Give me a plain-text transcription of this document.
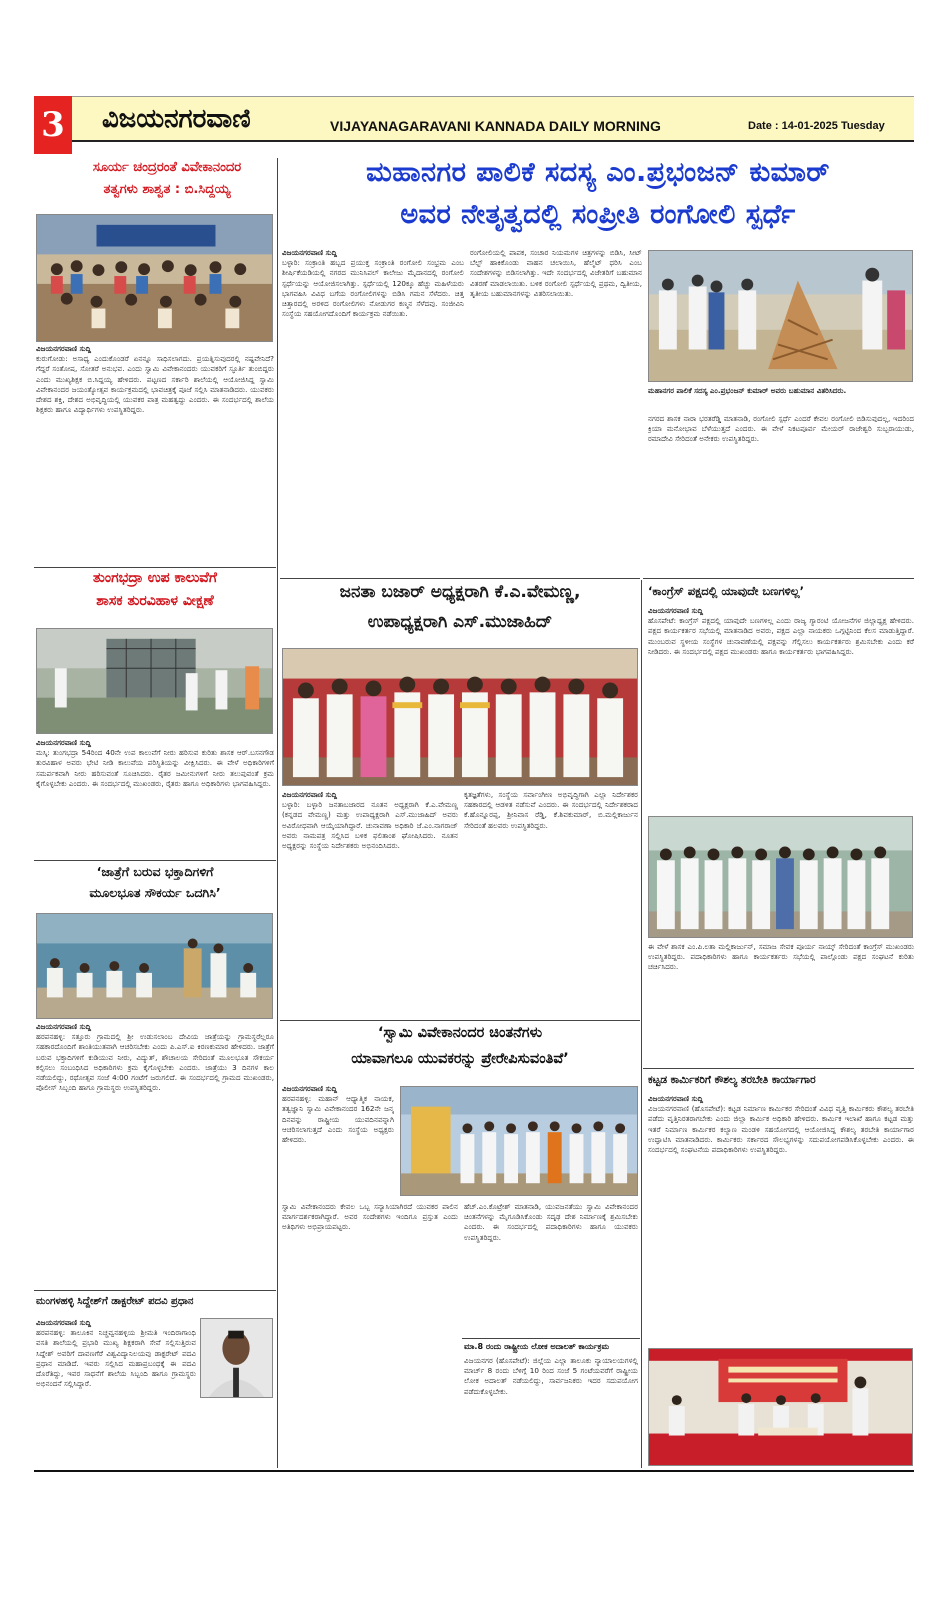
3 ವಿಜಯನಗರವಾಣಿ	VIJAYANAGARAVANI KANNADA DAILY MORNING	Date : 14-01-2025 Tuesday
ಸೂರ್ಯ ಚಂದ್ರರಂತೆ ವಿವೇಕಾನಂದರ
ತತ್ವಗಳು ಶಾಶ್ವತ : ಬಿ.ಸಿದ್ದಯ್ಯ
ವಿಜಯನಗರವಾಣಿ ಸುದ್ದಿ
ಕುರುಗೋಡು: ಅಸಾಧ್ಯ ಎಂದುಕೊಂಡರೆ ಏನನ್ನೂ ಸಾಧಿಸಲಾಗದು. ಪ್ರಯತ್ನಿಸುವುದರಲ್ಲಿ ನಷ್ಟವೇನಿದೆ? ಗೆದ್ದರೆ ಸಂತೋಷ, ಸೋತರೆ ಅನುಭವ. ಎಂದು ಸ್ವಾಮಿ ವಿವೇಕಾನಂದರು ಯುವಕರಿಗೆ ಸ್ಫೂರ್ತಿ ತುಂಬಿದ್ದರು ಎಂದು ಮುಖ್ಯಶಿಕ್ಷಕ ಬಿ.ಸಿದ್ದಯ್ಯ ಹೇಳಿದರು. ಪಟ್ಟಣದ ಸರ್ಕಾರಿ ಶಾಲೆಯಲ್ಲಿ ಆಯೋಜಿಸಿದ್ದ ಸ್ವಾಮಿ ವಿವೇಕಾನಂದರ ಜಯಂತ್ಯೋತ್ಸವ ಕಾರ್ಯಕ್ರಮದಲ್ಲಿ ಭಾವಚಿತ್ರಕ್ಕೆ ಪೂಜೆ ಸಲ್ಲಿಸಿ ಮಾತನಾಡಿದರು. ಯುವಕರು ದೇಶದ ಶಕ್ತಿ, ದೇಶದ ಅಭಿವೃದ್ಧಿಯಲ್ಲಿ ಯುವಕರ ಪಾತ್ರ ಮಹತ್ವದ್ದು ಎಂದರು. ಈ ಸಂದರ್ಭದಲ್ಲಿ ಶಾಲೆಯ ಶಿಕ್ಷಕರು ಹಾಗೂ ವಿದ್ಯಾರ್ಥಿಗಳು ಉಪಸ್ಥಿತರಿದ್ದರು.
ತುಂಗಭದ್ರಾ ಉಪ ಕಾಲುವೆಗೆ
ಶಾಸಕ ತುರವಿಹಾಳ ವೀಕ್ಷಣೆ
ವಿಜಯನಗರವಾಣಿ ಸುದ್ದಿ
ಮಸ್ಕಿ: ತುಂಗಭದ್ರಾ 54ರಿಂದ 40ನೇ ಉಪ ಕಾಲುವೆಗೆ ನೀರು ಹರಿಸುವ ಕುರಿತು ಶಾಸಕ ಆರ್.ಬಸನಗೌಡ ತುರವಿಹಾಳ ಅವರು ಭೇಟಿ ನೀಡಿ ಕಾಲುವೆಯ ಪರಿಸ್ಥಿತಿಯನ್ನು ವೀಕ್ಷಿಸಿದರು. ಈ ವೇಳೆ ಅಧಿಕಾರಿಗಳಿಗೆ ಸಮರ್ಪಕವಾಗಿ ನೀರು ಹರಿಸುವಂತೆ ಸೂಚಿಸಿದರು. ರೈತರ ಜಮೀನುಗಳಿಗೆ ನೀರು ತಲುಪುವಂತೆ ಕ್ರಮ ಕೈಗೊಳ್ಳಬೇಕು ಎಂದರು. ಈ ಸಂದರ್ಭದಲ್ಲಿ ಮುಖಂಡರು, ರೈತರು ಹಾಗೂ ಅಧಿಕಾರಿಗಳು ಭಾಗವಹಿಸಿದ್ದರು.
‘ಜಾತ್ರೆಗೆ ಬರುವ ಭಕ್ತಾದಿಗಳಿಗೆ
ಮೂಲಭೂತ ಸೌಕರ್ಯ ಒದಗಿಸಿ’
ವಿಜಯನಗರವಾಣಿ ಸುದ್ದಿ
ಹರಪನಹಳ್ಳಿ: ಸತ್ತೂರು ಗ್ರಾಮದಲ್ಲಿ ಶ್ರೀ ಉಡುಸಲಾಂಬ ದೇವಿಯ ಜಾತ್ರೆಯನ್ನು ಗ್ರಾಮಸ್ಥರೆಲ್ಲರೂ ಸಹಕಾರದೊಂದಿಗೆ ಶಾಂತಿಯುತವಾಗಿ ಆಚರಿಸಬೇಕು ಎಂದು ಪಿ.ಎಸ್.ಐ ಕಿರಣಕುಮಾರ ಹೇಳಿದರು. ಜಾತ್ರೆಗೆ ಬರುವ ಭಕ್ತಾದಿಗಳಿಗೆ ಕುಡಿಯುವ ನೀರು, ವಿದ್ಯುತ್, ಶೌಚಾಲಯ ಸೇರಿದಂತೆ ಮೂಲಭೂತ ಸೌಕರ್ಯ ಕಲ್ಪಿಸಲು ಸಂಬಂಧಿಸಿದ ಅಧಿಕಾರಿಗಳು ಕ್ರಮ ಕೈಗೊಳ್ಳಬೇಕು ಎಂದರು. ಜಾತ್ರೆಯು 3 ದಿನಗಳ ಕಾಲ ನಡೆಯಲಿದ್ದು, ರಥೋತ್ಸವ ಸಂಜೆ 4:00 ಗಂಟೆಗೆ ಜರುಗಲಿದೆ. ಈ ಸಂದರ್ಭದಲ್ಲಿ ಗ್ರಾಮದ ಮುಖಂಡರು, ಪೊಲೀಸ್ ಸಿಬ್ಬಂದಿ ಹಾಗೂ ಗ್ರಾಮಸ್ಥರು ಉಪಸ್ಥಿತರಿದ್ದರು.
ಮಂಗಳಹಳ್ಳಿ ಸಿದ್ದೇಶ್‌ಗೆ ಡಾಕ್ಟರೇಟ್ ಪದವಿ ಪ್ರಧಾನ
ವಿಜಯನಗರವಾಣಿ ಸುದ್ದಿ
ಹರಪನಹಳ್ಳಿ: ತಾಲೂಕಿನ ನಿಚ್ಚವ್ವನಹಳ್ಳಿಯ ಶ್ರೀಮತಿ ಇಂದಿರಾಗಾಂಧಿ ವಸತಿ ಶಾಲೆಯಲ್ಲಿ ಪ್ರಭಾರಿ ಮುಖ್ಯ ಶಿಕ್ಷಕರಾಗಿ ಸೇವೆ ಸಲ್ಲಿಸುತ್ತಿರುವ ಸಿದ್ದೇಶ್ ಅವರಿಗೆ ದಾವಣಗೆರೆ ವಿಶ್ವವಿದ್ಯಾನಿಲಯವು ಡಾಕ್ಟರೇಟ್ ಪದವಿ ಪ್ರಧಾನ ಮಾಡಿದೆ. ಇವರು ಸಲ್ಲಿಸಿದ ಮಹಾಪ್ರಬಂಧಕ್ಕೆ ಈ ಪದವಿ ದೊರೆತಿದ್ದು, ಇವರ ಸಾಧನೆಗೆ ಶಾಲೆಯ ಸಿಬ್ಬಂದಿ ಹಾಗೂ ಗ್ರಾಮಸ್ಥರು ಅಭಿನಂದನೆ ಸಲ್ಲಿಸಿದ್ದಾರೆ.
ಮಹಾನಗರ ಪಾಲಿಕೆ ಸದಸ್ಯ ಎಂ.ಪ್ರಭಂಜನ್ ಕುಮಾರ್
ಅವರ ನೇತೃತ್ವದಲ್ಲಿ ಸಂಪ್ರೀತಿ ರಂಗೋಲಿ ಸ್ಪರ್ಧೆ
ವಿಜಯನಗರವಾಣಿ ಸುದ್ದಿ
ಬಳ್ಳಾರಿ: ಸಂಕ್ರಾಂತಿ ಹಬ್ಬದ ಪ್ರಯುಕ್ತ ಸಂಕ್ರಾಂತಿ ರಂಗೋಲಿ ಸಂಭ್ರಮ ಎಂಬ ಶೀರ್ಷಿಕೆಯಡಿಯಲ್ಲಿ ನಗರದ ಮುನಿಸಿಪಲ್ ಕಾಲೇಜು ಮೈದಾನದಲ್ಲಿ ರಂಗೋಲಿ ಸ್ಪರ್ಧೆಯನ್ನು ಆಯೋಜಿಸಲಾಗಿತ್ತು. ಸ್ಪರ್ಧೆಯಲ್ಲಿ 120ಕ್ಕೂ ಹೆಚ್ಚು ಮಹಿಳೆಯರು ಭಾಗವಹಿಸಿ ವಿವಿಧ ಬಗೆಯ ರಂಗೋಲಿಗಳನ್ನು ಬಿಡಿಸಿ ಗಮನ ಸೆಳೆದರು. ಚಿತ್ತ ಚಿತ್ತಾರದಲ್ಲಿ ಅರಳಿದ ರಂಗೋಲಿಗಳು ನೋಡುಗರ ಕಣ್ಮನ ಸೆಳೆದವು. ಸಂಜೀವಿನಿ ಸಂಸ್ಥೆಯ ಸಹಯೋಗದೊಂದಿಗೆ ಕಾರ್ಯಕ್ರಮ ನಡೆಯಿತು.
ರಂಗೋಲಿಯಲ್ಲಿ ಪಾಪಕ, ಸಂಚಾರ ನಿಯಮಗಳ ಚಿತ್ರಗಳನ್ನು ಬಿಡಿಸಿ, ಸೀಟ್ ಬೆಲ್ಟ್ ಹಾಕಿಕೊಂಡು ವಾಹನ ಚಲಾಯಿಸಿ, ಹೆಲ್ಮೆಟ್ ಧರಿಸಿ ಎಂಬ ಸಂದೇಶಗಳನ್ನು ಬಿಡಿಸಲಾಗಿತ್ತು. ಇದೇ ಸಂದರ್ಭದಲ್ಲಿ ವಿಜೇತರಿಗೆ ಬಹುಮಾನ ವಿತರಣೆ ಮಾಡಲಾಯಿತು. ಬಳಿಕ ರಂಗೋಲಿ ಸ್ಪರ್ಧೆಯಲ್ಲಿ ಪ್ರಥಮ, ದ್ವಿತೀಯ, ತೃತೀಯ ಬಹುಮಾನಗಳನ್ನು ವಿತರಿಸಲಾಯಿತು.
ಮಹಾನಗರ ಪಾಲಿಕೆ ಸದಸ್ಯ ಎಂ.ಪ್ರಭಂಜನ್ ಕುಮಾರ್ ಅವರು ಬಹುಮಾನ ವಿತರಿಸಿದರು.
ನಗರದ ಶಾಸಕ ನಾರಾ ಭರತರೆಡ್ಡಿ ಮಾತನಾಡಿ, ರಂಗೋಲಿ ಸ್ಪರ್ಧೆ ಎಂದರೆ ಕೇವಲ ರಂಗೋಲಿ ಬಿಡಿಸುವುದಲ್ಲ, ಇದರಿಂದ ಕ್ರಿಯಾ ಮನೋಭಾವ ಬೆಳೆಯುತ್ತದೆ ಎಂದರು. ಈ ವೇಳೆ ನಿಕಟಪೂರ್ವ ಮೇಯರ್ ರಾಜೇಶ್ವರಿ ಸುಬ್ಬರಾಯುಡು, ರಮಾದೇವಿ ಸೇರಿದಂತೆ ಅನೇಕರು ಉಪಸ್ಥಿತರಿದ್ದರು.
ಜನತಾ ಬಜಾರ್ ಅಧ್ಯಕ್ಷರಾಗಿ ಕೆ.ಎ.ವೇಮಣ್ಣ,
ಉಪಾಧ್ಯಕ್ಷರಾಗಿ ಎಸ್.ಮುಜಾಹಿದ್
ವಿಜಯನಗರವಾಣಿ ಸುದ್ದಿ
ಬಳ್ಳಾರಿ: ಬಳ್ಳಾರಿ ಜನತಾಬಜಾರದ ನೂತನ ಅಧ್ಯಕ್ಷರಾಗಿ ಕೆ.ಎ.ವೇಮಣ್ಣ (ಕನ್ನಡದ ವೇಮಣ್ಣ) ಮತ್ತು ಉಪಾಧ್ಯಕ್ಷರಾಗಿ ಎಸ್.ಮುಜಾಹಿದ್ ಅವರು ಅವಿರೋಧವಾಗಿ ಆಯ್ಕೆಯಾಗಿದ್ದಾರೆ. ಚುನಾವಣಾ ಅಧಿಕಾರಿ ಜೆ.ಎಂ.ನಾಗರಾಜ್ ಅವರು ನಾಮಪತ್ರ ಸಲ್ಲಿಸಿದ ಬಳಿಕ ಫಲಿತಾಂಶ ಘೋಷಿಸಿದರು. ನೂತನ ಅಧ್ಯಕ್ಷರನ್ನು ಸಂಸ್ಥೆಯ ನಿರ್ದೇಶಕರು ಅಭಿನಂದಿಸಿದರು.
ಕೃತಜ್ಞತೆಗಳು, ಸಂಸ್ಥೆಯ ಸರ್ವಾಂಗೀಣ ಅಭಿವೃದ್ಧಿಗಾಗಿ ಎಲ್ಲಾ ನಿರ್ದೇಶಕರ ಸಹಕಾರದಲ್ಲಿ ಆಡಳಿತ ನಡೆಸುವೆ ಎಂದರು. ಈ ಸಂದರ್ಭದಲ್ಲಿ ನಿರ್ದೇಶಕರಾದ ಕೆ.ಹೊನ್ನೂರಪ್ಪ, ಶ್ರೀನಿವಾಸ ರೆಡ್ಡಿ, ಕೆ.ಶಿವಕುಮಾರ್, ಬಿ.ಮಲ್ಲಿಕಾರ್ಜುನ ಸೇರಿದಂತೆ ಹಲವರು ಉಪಸ್ಥಿತರಿದ್ದರು.
‘ಸ್ವಾಮಿ ವಿವೇಕಾನಂದರ ಚಿಂತನೆಗಳು
ಯಾವಾಗಲೂ ಯುವಕರನ್ನು ಪ್ರೇರೇಪಿಸುವಂತಿವೆ’
ವಿಜಯನಗರವಾಣಿ ಸುದ್ದಿ
ಹರಪನಹಳ್ಳಿ: ಮಹಾನ್ ಆಧ್ಯಾತ್ಮಿಕ ನಾಯಕ, ತತ್ವಜ್ಞಾನಿ ಸ್ವಾಮಿ ವಿವೇಕಾನಂದರ 162ನೇ ಜನ್ಮ ದಿನವನ್ನು ರಾಷ್ಟ್ರೀಯ ಯುವದಿನವನ್ನಾಗಿ ಆಚರಿಸಲಾಗುತ್ತದೆ ಎಂದು ಸಂಸ್ಥೆಯ ಅಧ್ಯಕ್ಷರು ಹೇಳಿದರು.
ಸ್ವಾಮಿ ವಿವೇಕಾನಂದರು ಕೇವಲ ಒಬ್ಬ ಸನ್ಯಾಸಿಯಾಗಿರದೆ ಯುವಕರ ಪಾಲಿನ ಮಾರ್ಗದರ್ಶಕರಾಗಿದ್ದಾರೆ. ಅವರ ಸಂದೇಶಗಳು ಇಂದಿಗೂ ಪ್ರಸ್ತುತ ಎಂದು ಅತಿಥಿಗಳು ಅಭಿಪ್ರಾಯಪಟ್ಟರು.
ಹೆಚ್.ಎಂ.ಕೊಟ್ರೇಶ್ ಮಾತನಾಡಿ, ಯುವಜನತೆಯು ಸ್ವಾಮಿ ವಿವೇಕಾನಂದರ ಚಿಂತನೆಗಳನ್ನು ಮೈಗೂಡಿಸಿಕೊಂಡು ಸದೃಢ ದೇಶ ನಿರ್ಮಾಣಕ್ಕೆ ಶ್ರಮಿಸಬೇಕು ಎಂದರು. ಈ ಸಂದರ್ಭದಲ್ಲಿ ಪದಾಧಿಕಾರಿಗಳು ಹಾಗೂ ಯುವಕರು ಉಪಸ್ಥಿತರಿದ್ದರು.
ಮಾ.8 ರಂದು ರಾಷ್ಟ್ರೀಯ ಲೋಕ ಅದಾಲತ್ ಕಾರ್ಯಕ್ರಮ
ವಿಜಯನಗರ (ಹೊಸಪೇಟೆ): ಜಿಲ್ಲೆಯ ಎಲ್ಲಾ ತಾಲೂಕು ನ್ಯಾಯಾಲಯಗಳಲ್ಲಿ ಮಾರ್ಚ್ 8 ರಂದು ಬೆಳಿಗ್ಗೆ 10 ರಿಂದ ಸಂಜೆ 5 ಗಂಟೆಯವರೆಗೆ ರಾಷ್ಟ್ರೀಯ ಲೋಕ ಅದಾಲತ್ ನಡೆಯಲಿದ್ದು, ಸಾರ್ವಜನಿಕರು ಇದರ ಸದುಪಯೋಗ ಪಡೆದುಕೊಳ್ಳಬೇಕು.
‘ಕಾಂಗ್ರೆಸ್ ಪಕ್ಷದಲ್ಲಿ ಯಾವುದೇ ಬಣಗಳಿಲ್ಲ’
ವಿಜಯನಗರವಾಣಿ ಸುದ್ದಿ
ಹೊಸಪೇಟೆ: ಕಾಂಗ್ರೆಸ್ ಪಕ್ಷದಲ್ಲಿ ಯಾವುದೇ ಬಣಗಳಿಲ್ಲ ಎಂದು ರಾಜ್ಯ ಗ್ಯಾರಂಟಿ ಯೋಜನೆಗಳ ಜಿಲ್ಲಾಧ್ಯಕ್ಷ ಹೇಳಿದರು. ಪಕ್ಷದ ಕಾರ್ಯಕರ್ತರ ಸಭೆಯಲ್ಲಿ ಮಾತನಾಡಿದ ಅವರು, ಪಕ್ಷದ ಎಲ್ಲಾ ನಾಯಕರು ಒಗ್ಗಟ್ಟಿನಿಂದ ಕೆಲಸ ಮಾಡುತ್ತಿದ್ದಾರೆ. ಮುಂಬರುವ ಸ್ಥಳೀಯ ಸಂಸ್ಥೆಗಳ ಚುನಾವಣೆಯಲ್ಲಿ ಪಕ್ಷವನ್ನು ಗೆಲ್ಲಿಸಲು ಕಾರ್ಯಕರ್ತರು ಶ್ರಮಿಸಬೇಕು ಎಂದು ಕರೆ ನೀಡಿದರು. ಈ ಸಂದರ್ಭದಲ್ಲಿ ಪಕ್ಷದ ಮುಖಂಡರು ಹಾಗೂ ಕಾರ್ಯಕರ್ತರು ಭಾಗವಹಿಸಿದ್ದರು.
ಈ ವೇಳೆ ಶಾಸಕ ಎಂ.ಪಿ.ಲತಾ ಮಲ್ಲಿಕಾರ್ಜುನ್, ಸಮಾಜ ಸೇವಕ ಪೂರ್ಯ ನಾಯ್ಕ್ ಸೇರಿದಂತೆ ಕಾಂಗ್ರೆಸ್ ಮುಖಂಡರು ಉಪಸ್ಥಿತರಿದ್ದರು. ಪದಾಧಿಕಾರಿಗಳು ಹಾಗೂ ಕಾರ್ಯಕರ್ತರು ಸಭೆಯಲ್ಲಿ ಪಾಲ್ಗೊಂಡು ಪಕ್ಷದ ಸಂಘಟನೆ ಕುರಿತು ಚರ್ಚಿಸಿದರು.
ಕಟ್ಟಡ ಕಾರ್ಮಿಕರಿಗೆ ಕೌಶಲ್ಯ ತರಬೇತಿ ಕಾರ್ಯಾಗಾರ
ವಿಜಯನಗರವಾಣಿ ಸುದ್ದಿ
ವಿಜಯನಗರವಾಣಿ (ಹೊಸಪೇಟೆ): ಕಟ್ಟಡ ನಿರ್ಮಾಣ ಕಾರ್ಮಿಕರ ಸೇರಿದಂತೆ ವಿವಿಧ ವೃತ್ತಿ ಕಾರ್ಮಿಕರು ಕೌಶಲ್ಯ ತರಬೇತಿ ಪಡೆದು ವೃತ್ತಿನಿರತರಾಗಬೇಕು ಎಂದು ಜಿಲ್ಲಾ ಕಾರ್ಮಿಕ ಅಧಿಕಾರಿ ಹೇಳಿದರು. ಕಾರ್ಮಿಕ ಇಲಾಖೆ ಹಾಗೂ ಕಟ್ಟಡ ಮತ್ತು ಇತರೆ ನಿರ್ಮಾಣ ಕಾರ್ಮಿಕರ ಕಲ್ಯಾಣ ಮಂಡಳಿ ಸಹಯೋಗದಲ್ಲಿ ಆಯೋಜಿಸಿದ್ದ ಕೌಶಲ್ಯ ತರಬೇತಿ ಕಾರ್ಯಾಗಾರ ಉದ್ಘಾಟಿಸಿ ಮಾತನಾಡಿದರು. ಕಾರ್ಮಿಕರು ಸರ್ಕಾರದ ಸೌಲಭ್ಯಗಳನ್ನು ಸದುಪಯೋಗಪಡಿಸಿಕೊಳ್ಳಬೇಕು ಎಂದರು. ಈ ಸಂದರ್ಭದಲ್ಲಿ ಸಂಘಟನೆಯ ಪದಾಧಿಕಾರಿಗಳು ಉಪಸ್ಥಿತರಿದ್ದರು.
